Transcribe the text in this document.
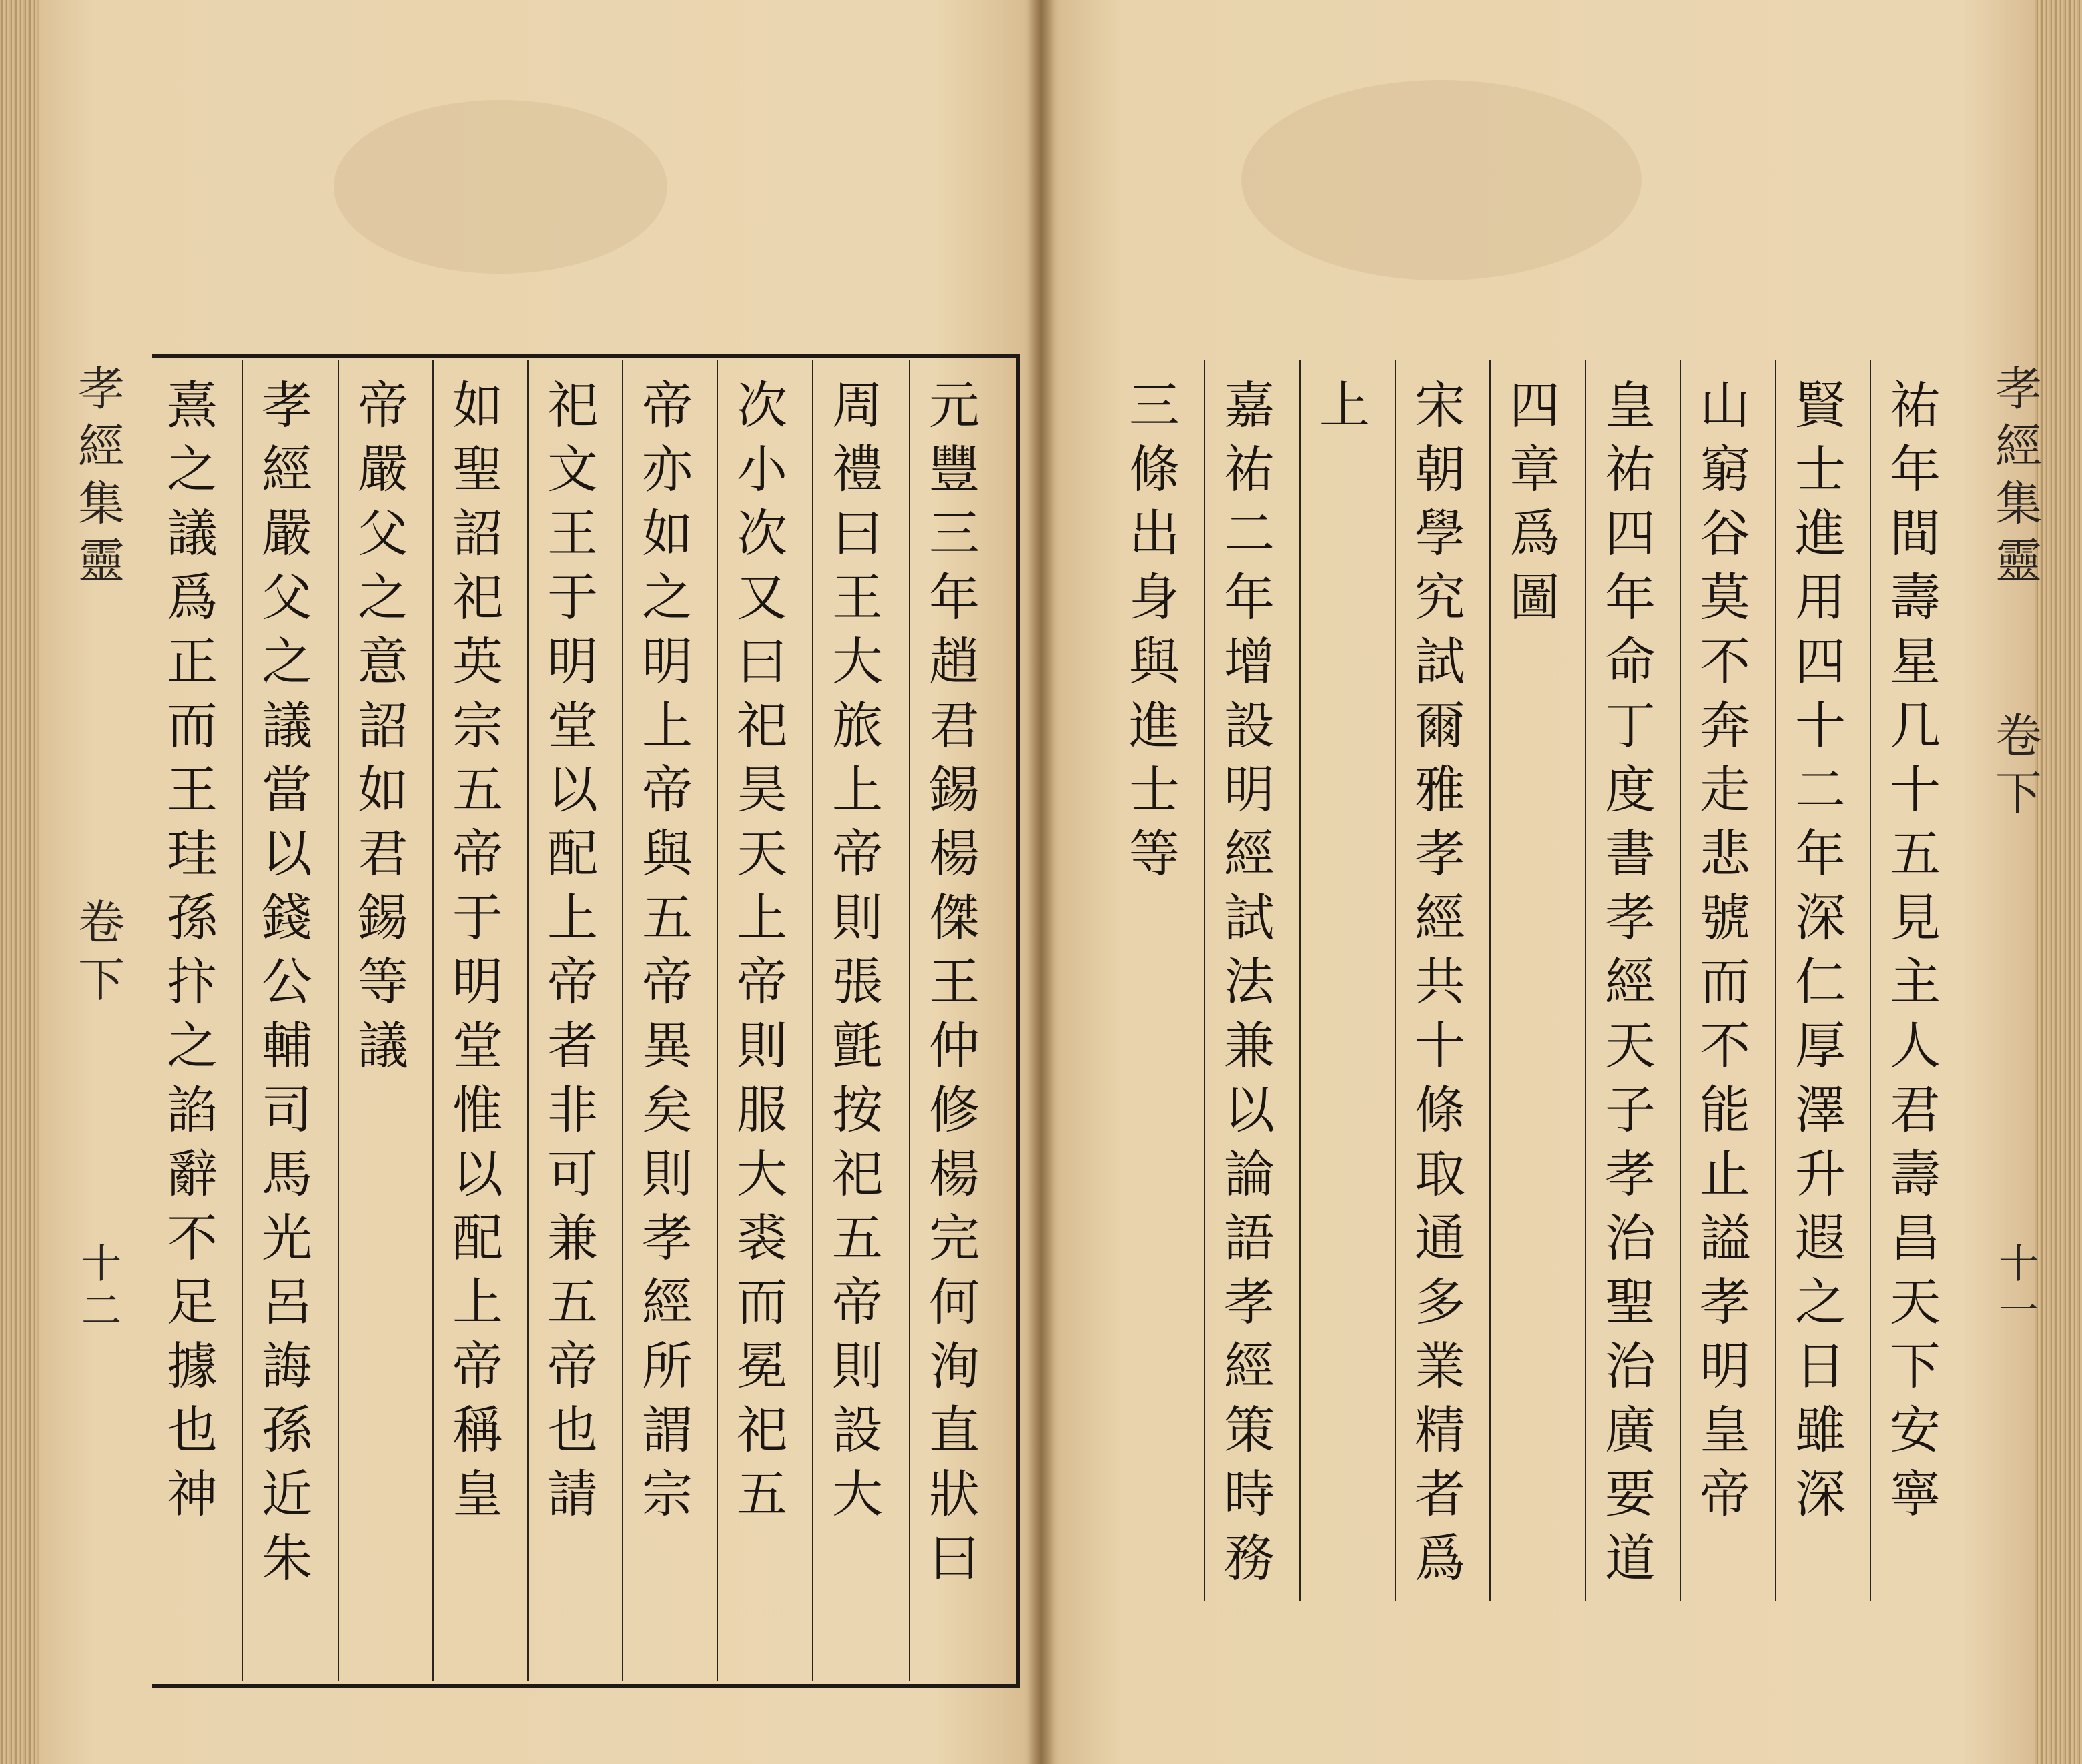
孝
經
集
靈
卷
下
十二
元
豐
三
年
趙
君
錫
楊
傑
王
仲
修
楊
完
何
洵
直
狀
曰
周
禮
曰
王
大
旅
上
帝
則
張
氈
按
祀
五
帝
則
設
大
次
小
次
又
曰
祀
昊
天
上
帝
則
服
大
裘
而
冕
祀
五
帝
亦
如
之
明
上
帝
與
五
帝
異
矣
則
孝
經
所
謂
宗
祀
文
王
于
明
堂
以
配
上
帝
者
非
可
兼
五
帝
也
請
如
聖
詔
祀
英
宗
五
帝
于
明
堂
惟
以
配
上
帝
稱
皇
帝
嚴
父
之
意
詔
如
君
錫
等
議
孝
經
嚴
父
之
議
當
以
錢
公
輔
司
馬
光
呂
誨
孫
近
朱
熹
之
議
爲
正
而
王
珪
孫
抃
之
諂
辭
不
足
據
也
神
孝
經
集
靈
卷
下
十一
祐
年
間
壽
星
几
十
五
見
主
人
君
壽
昌
天
下
安
寧
賢
士
進
用
四
十
二
年
深
仁
厚
澤
升
遐
之
日
雖
深
山
窮
谷
莫
不
奔
走
悲
號
而
不
能
止
謚
孝
明
皇
帝
皇
祐
四
年
命
丁
度
書
孝
經
天
子
孝
治
聖
治
廣
要
道
四
章
爲
圖
宋
朝
學
究
試
爾
雅
孝
經
共
十
條
取
通
多
業
精
者
爲
上
嘉
祐
二
年
增
設
明
經
試
法
兼
以
論
語
孝
經
策
時
務
三
條
出
身
與
進
士
等
